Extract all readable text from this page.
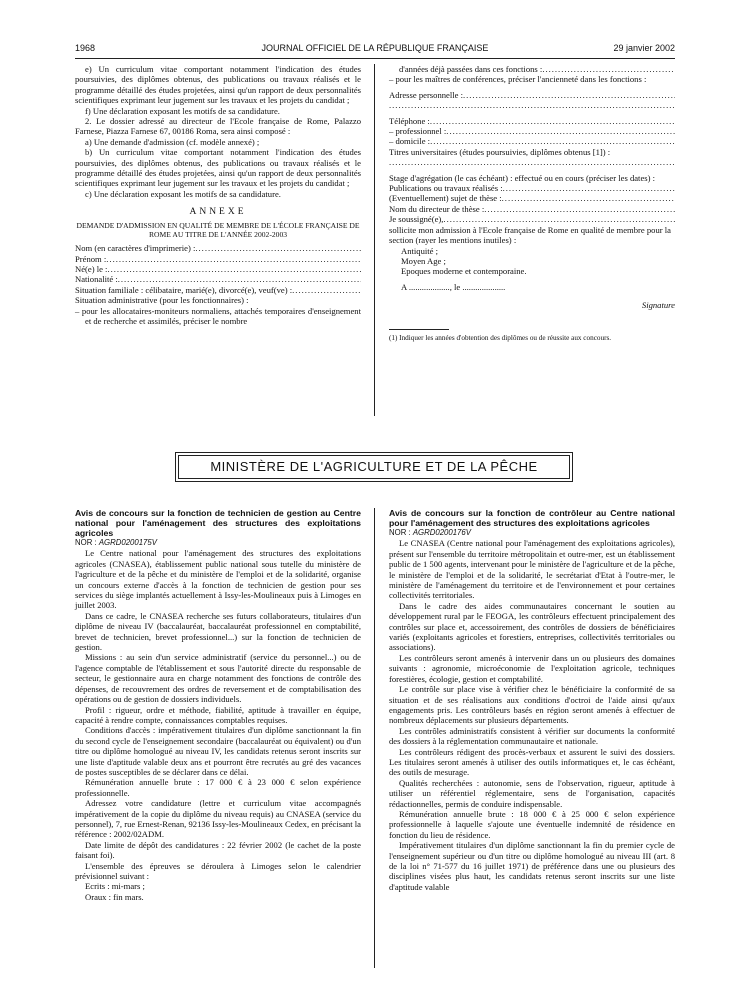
1968	JOURNAL OFFICIEL DE LA RÉPUBLIQUE FRANÇAISE	29 janvier 2002

e) Un curriculum vitae comportant notamment l'indication des études poursuivies, des diplômes obtenus, des publications ou travaux réalisés et le programme détaillé des études projetées, ainsi qu'un rapport de deux personnalités scientifiques exprimant leur jugement sur les travaux et les projets du candidat ;

f) Une déclaration exposant les motifs de sa candidature.

2. Le dossier adressé au directeur de l'Ecole française de Rome, Palazzo Farnese, Piazza Farnese 67, 00186 Roma, sera ainsi composé :

a) Une demande d'admission (cf. modèle annexé) ;

b) Un curriculum vitae comportant notamment l'indication des études poursuivies, des diplômes obtenus, des publications ou travaux réalisés et le programme détaillé des études projetées, ainsi qu'un rapport de deux personnalités scientifiques exprimant leur jugement sur les travaux et les projets du candidat ;

c) Une déclaration exposant les motifs de sa candidature.

ANNEXE
DEMANDE D'ADMISSION EN QUALITÉ DE MEMBRE DE L'ÉCOLE FRANÇAISE DE ROME AU TITRE DE L'ANNÉE 2002-2003
Nom (en caractères d'imprimerie) :
.....
Prénom :
.....
Né(e) le :
.....
Nationalité :
.....
Situation familiale : célibataire, marié(e), divorcé(e), veuf(ve) :
.....

Situation administrative (pour les fonctionnaires) :

– pour les allocataires-moniteurs normaliens, attachés temporaires d'enseignement et de recherche et assimilés, préciser le nombre

d'années déjà passées dans ces fonctions :
.....

– pour les maîtres de conférences, préciser l'ancienneté dans les fonctions :

Adresse personnelle :
.....
.....
Téléphone :
.....
– professionnel :
.....
– domicile :
.....

Titres universitaires (études poursuivies, diplômes obtenus [1]) :

.....

Stage d'agrégation (le cas échéant) : effectué ou en cours (préciser les dates) :

Publications ou travaux réalisés :
.....
(Eventuellement) sujet de thèse :
.....
Nom du directeur de thèse :
.....
Je soussigné(e),
.....

sollicite mon admission à l'Ecole française de Rome en qualité de membre pour la section (rayer les mentions inutiles) :

Antiquité ;

Moyen Age ;

Epoques moderne et contemporaine.

A ..................., le ....................

Signature

(1) Indiquer les années d'obtention des diplômes ou de réussite aux concours.

MINISTÈRE DE L'AGRICULTURE ET DE LA PÊCHE

Avis de concours sur la fonction de technicien de gestion au Centre national pour l'aménagement des structures des exploitations agricoles

NOR : AGRD0200175V

Le Centre national pour l'aménagement des structures des exploitations agricoles (CNASEA), établissement public national sous tutelle du ministère de l'agriculture et de la pêche et du ministère de l'emploi et de la solidarité, organise un concours externe d'accès à la fonction de technicien de gestion pour ses services du siège implantés actuellement à Issy-les-Moulineaux puis à Limoges en juillet 2003.

Dans ce cadre, le CNASEA recherche ses futurs collaborateurs, titulaires d'un diplôme de niveau IV (baccalauréat, baccalauréat professionnel en comptabilité, brevet de technicien, brevet professionnel...) sur la fonction de technicien de gestion.

Missions : au sein d'un service administratif (service du personnel...) ou de l'agence comptable de l'établissement et sous l'autorité directe du responsable de secteur, le gestionnaire aura en charge notamment des fonctions de contrôle des dépenses, de recouvrement des ordres de reversement et de comptabilisation des opérations ou de gestion de dossiers individuels.

Profil : rigueur, ordre et méthode, fiabilité, aptitude à travailler en équipe, capacité à rendre compte, connaissances comptables requises.

Conditions d'accès : impérativement titulaires d'un diplôme sanctionnant la fin du second cycle de l'enseignement secondaire (baccalauréat ou équivalent) ou d'un titre ou diplôme homologué au niveau IV, les candidats retenus seront inscrits sur une liste d'aptitude valable deux ans et pourront être recrutés au gré des vacances de postes susceptibles de se déclarer dans ce délai.

Rémunération annuelle brute : 17 000 € à 23 000 € selon expérience professionnelle.

Adressez votre candidature (lettre et curriculum vitae accompagnés impérativement de la copie du diplôme du niveau requis) au CNASEA (service du personnel), 7, rue Ernest-Renan, 92136 Issy-les-Moulineaux Cedex, en précisant la référence : 2002/02ADM.

Date limite de dépôt des candidatures : 22 février 2002 (le cachet de la poste faisant foi).

L'ensemble des épreuves se déroulera à Limoges selon le calendrier prévisionnel suivant :

Ecrits : mi-mars ;

Oraux : fin mars.

Avis de concours sur la fonction de contrôleur au Centre national pour l'aménagement des structures des exploitations agricoles

NOR : AGRD0200176V

Le CNASEA (Centre national pour l'aménagement des exploitations agricoles), présent sur l'ensemble du territoire métropolitain et outre-mer, est un établissement public de 1 500 agents, intervenant pour le ministère de l'agriculture et de la pêche, le ministère de l'emploi et de la solidarité, le secrétariat d'Etat à l'outre-mer, le ministère de l'aménagement du territoire et de l'environnement et pour certaines collectivités territoriales.

Dans le cadre des aides communautaires concernant le soutien au développement rural par le FEOGA, les contrôleurs effectuent principalement des contrôles sur place et, accessoirement, des contrôles de dossiers de bénéficiaires variés (exploitants agricoles et forestiers, entreprises, collectivités territoriales ou associations).

Les contrôleurs seront amenés à intervenir dans un ou plusieurs des domaines suivants : agronomie, microéconomie de l'exploitation agricole, techniques forestières, écologie, gestion et comptabilité.

Le contrôle sur place vise à vérifier chez le bénéficiaire la conformité de sa situation et de ses réalisations aux conditions d'octroi de l'aide ainsi qu'aux engagements pris. Les contrôleurs basés en région seront amenés à effectuer de nombreux déplacements sur plusieurs départements.

Les contrôles administratifs consistent à vérifier sur documents la conformité des dossiers à la réglementation communautaire et nationale.

Les contrôleurs rédigent des procès-verbaux et assurent le suivi des dossiers. Les titulaires seront amenés à utiliser des outils informatiques et, le cas échéant, des outils de mesurage.

Qualités recherchées : autonomie, sens de l'observation, rigueur, aptitude à utiliser un référentiel réglementaire, sens de l'organisation, capacités rédactionnelles, permis de conduire indispensable.

Rémunération annuelle brute : 18 000 € à 25 000 € selon expérience professionnelle à laquelle s'ajoute une éventuelle indemnité de résidence en fonction du lieu de résidence.

Impérativement titulaires d'un diplôme sanctionnant la fin du premier cycle de l'enseignement supérieur ou d'un titre ou diplôme homologué au niveau III (art. 8 de la loi n° 71-577 du 16 juillet 1971) de préférence dans une ou plusieurs des disciplines visées plus haut, les candidats retenus seront inscrits sur une liste d'aptitude valable
